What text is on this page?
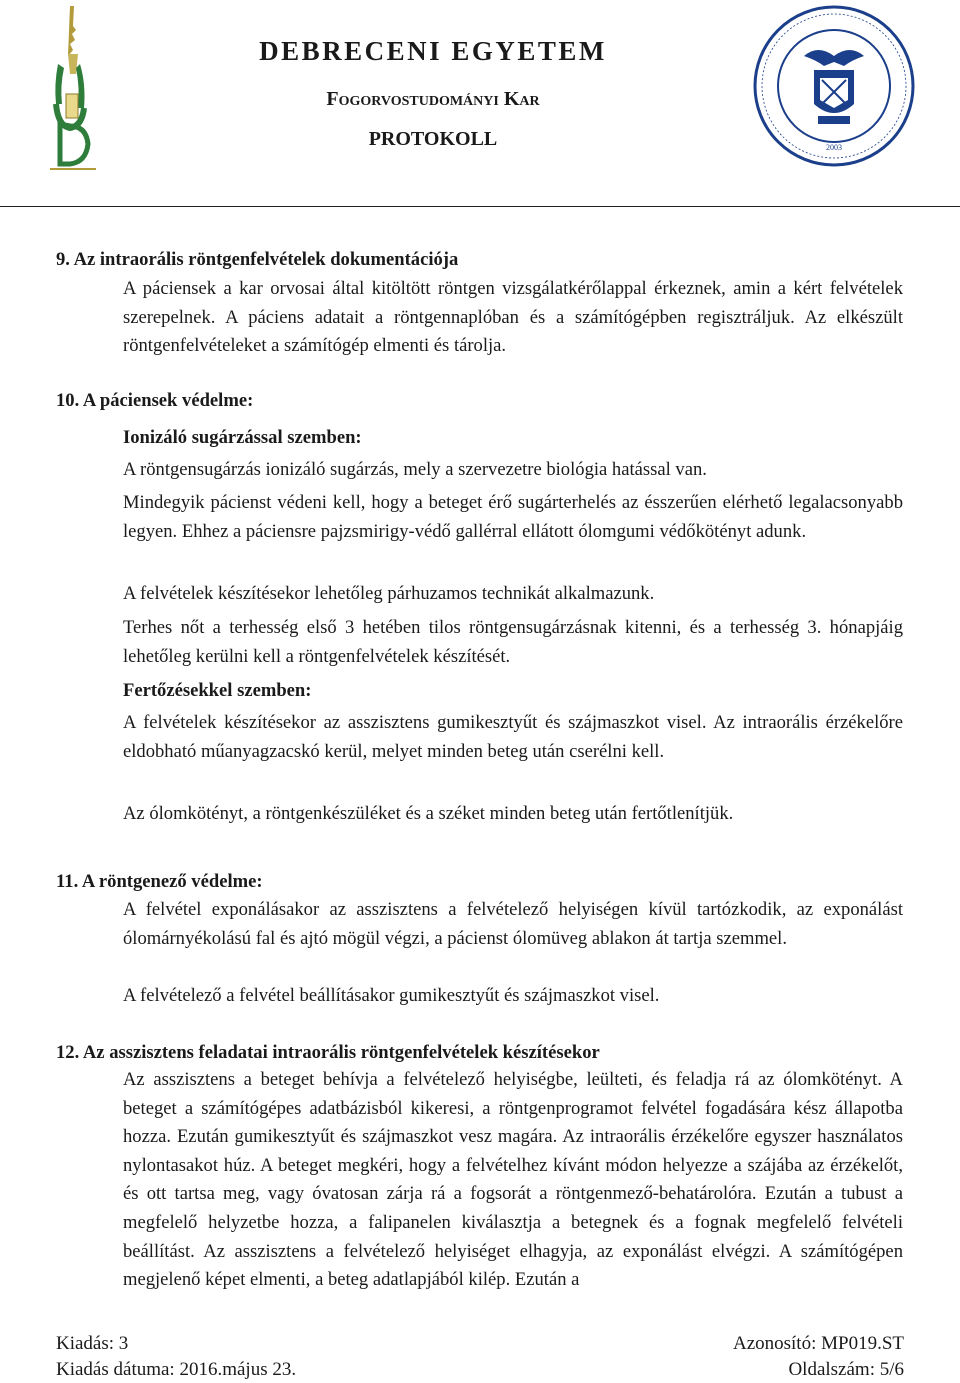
DEBRECENI EGYETEM
Fogorvostudományi Kar
PROTOKOLL	2003
9. Az intraorális röntgenfelvételek dokumentációja
A páciensek a kar orvosai által kitöltött röntgen vizsgálatkérőlappal érkeznek, amin a kért felvételek szerepelnek. A páciens adatait a röntgennaplóban és a számítógépben regisztráljuk. Az elkészült röntgenfelvételeket a számítógép elmenti és tárolja.
10. A páciensek védelme:
Ionizáló sugárzással szemben:
A röntgensugárzás ionizáló sugárzás, mely a szervezetre biológia hatással van.
Mindegyik pácienst védeni kell, hogy a beteget érő sugárterhelés az ésszerűen elérhető legalacsonyabb legyen. Ehhez a páciensre pajzsmirigy-védő gallérral ellátott ólomgumi védőkötényt adunk.
A felvételek készítésekor lehetőleg párhuzamos technikát alkalmazunk.
Terhes nőt a terhesség első 3 hetében tilos röntgensugárzásnak kitenni, és a terhesség 3. hónapjáig lehetőleg kerülni kell a röntgenfelvételek készítését.
Fertőzésekkel szemben:
A felvételek készítésekor az asszisztens gumikesztyűt és szájmaszkot visel. Az intraorális érzékelőre eldobható műanyagzacskó kerül, melyet minden beteg után cserélni kell.
Az ólomkötényt, a röntgenkészüléket és a széket minden beteg után fertőtlenítjük.
11. A röntgenező védelme:
A felvétel exponálásakor az asszisztens a felvételező helyiségen kívül tartózkodik, az exponálást ólomárnyékolású fal és ajtó mögül végzi, a pácienst ólomüveg ablakon át tartja szemmel.
A felvételező a felvétel beállításakor gumikesztyűt és szájmaszkot visel.
12. Az asszisztens feladatai intraorális röntgenfelvételek készítésekor
Az asszisztens a beteget behívja a felvételező helyiségbe, leülteti, és feladja rá az ólomkötényt. A beteget a számítógépes adatbázisból kikeresi, a röntgenprogramot felvétel fogadására kész állapotba hozza. Ezután gumikesztyűt és szájmaszkot vesz magára. Az intraorális érzékelőre egyszer használatos nylontasakot húz. A beteget megkéri, hogy a felvételhez kívánt módon helyezze a szájába az érzékelőt, és ott tartsa meg, vagy óvatosan zárja rá a fogsorát a röntgenmező-behatárolóra. Ezután a tubust a megfelelő helyzetbe hozza, a falipanelen kiválasztja a betegnek és a fognak megfelelő felvételi beállítást. Az asszisztens a felvételező helyiséget elhagyja, az exponálást elvégzi. A számítógépen megjelenő képet elmenti, a beteg adatlapjából kilép. Ezután a
Kiadás: 3	Azonosító: MP019.ST
Kiadás dátuma: 2016.május 23.	Oldalszám: 5/6
